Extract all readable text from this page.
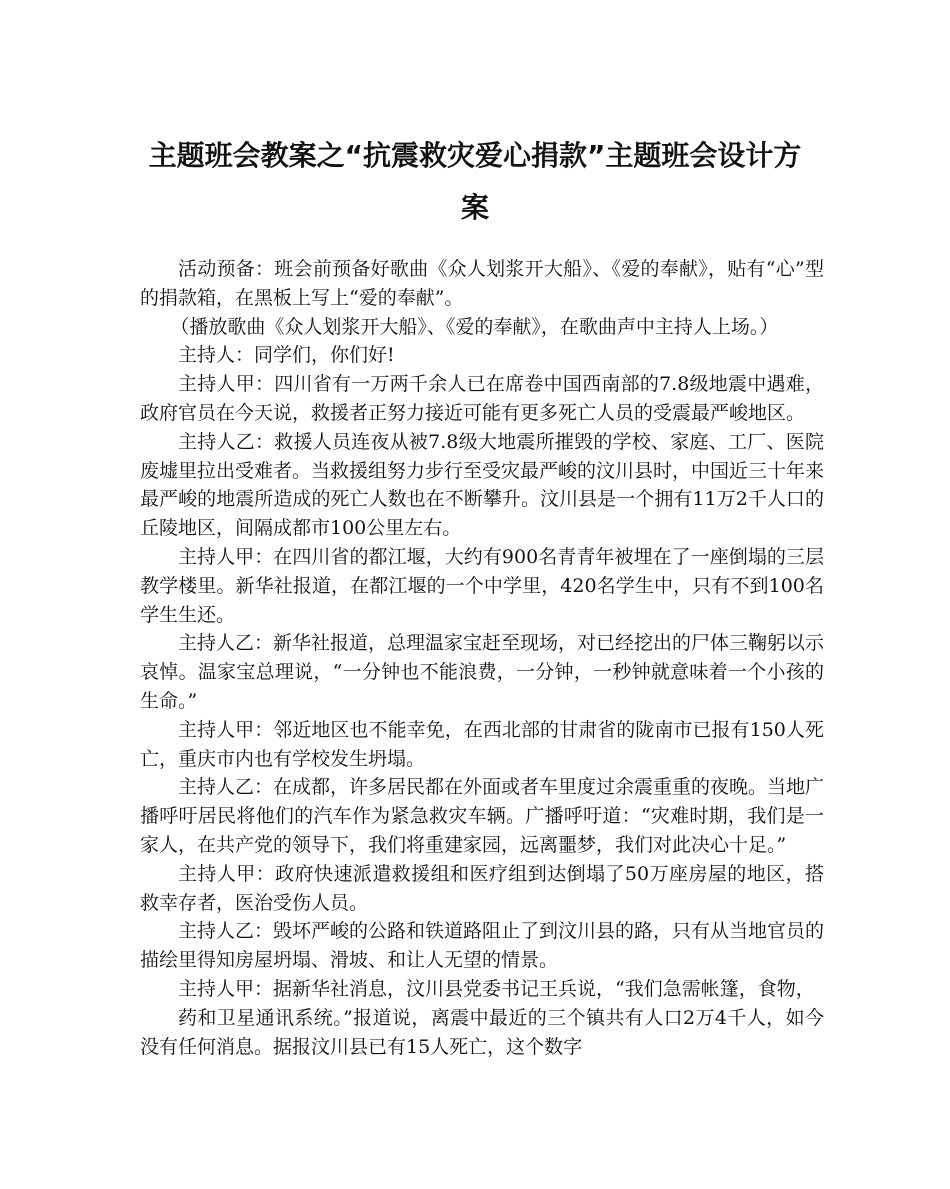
主题班会教案之“抗震救灾爱心捐款”主题班会设计方案

活动预备：班会前预备好歌曲《众人划浆开大船》、《爱的奉献》，贴有“心”型的捐款箱，在黑板上写上“爱的奉献”。

（播放歌曲《众人划浆开大船》、《爱的奉献》，在歌曲声中主持人上场。）

主持人：同学们，你们好!

主持人甲：四川省有一万两千余人已在席卷中国西南部的7.8级地震中遇难，政府官员在今天说，救援者正努力接近可能有更多死亡人员的受震最严峻地区。

主持人乙：救援人员连夜从被7.8级大地震所摧毁的学校、家庭、工厂、医院废墟里拉出受难者。当救援组努力步行至受灾最严峻的汶川县时，中国近三十年来最严峻的地震所造成的死亡人数也在不断攀升。汶川县是一个拥有11万2千人口的丘陵地区，间隔成都市100公里左右。

主持人甲：在四川省的都江堰，大约有900名青青年被埋在了一座倒塌的三层教学楼里。新华社报道，在都江堰的一个中学里，420名学生中，只有不到100名学生生还。

主持人乙：新华社报道，总理温家宝赶至现场，对已经挖出的尸体三鞠躬以示哀悼。温家宝总理说，“一分钟也不能浪费，一分钟，一秒钟就意味着一个小孩的生命。”

主持人甲：邻近地区也不能幸免，在西北部的甘肃省的陇南市已报有150人死亡，重庆市内也有学校发生坍塌。

主持人乙：在成都，许多居民都在外面或者车里度过余震重重的夜晚。当地广播呼吁居民将他们的汽车作为紧急救灾车辆。广播呼吁道：“灾难时期，我们是一家人，在共产党的领导下，我们将重建家园，远离噩梦，我们对此决心十足。”

主持人甲：政府快速派遣救援组和医疗组到达倒塌了50万座房屋的地区，搭救幸存者，医治受伤人员。

主持人乙：毁坏严峻的公路和铁道路阻止了到汶川县的路，只有从当地官员的描绘里得知房屋坍塌、滑坡、和让人无望的情景。

主持人甲：据新华社消息，汶川县党委书记王兵说，“我们急需帐篷，食物，

药和卫星通讯系统。”报道说，离震中最近的三个镇共有人口2万4千人，如今没有任何消息。据报汶川县已有15人死亡，这个数字
